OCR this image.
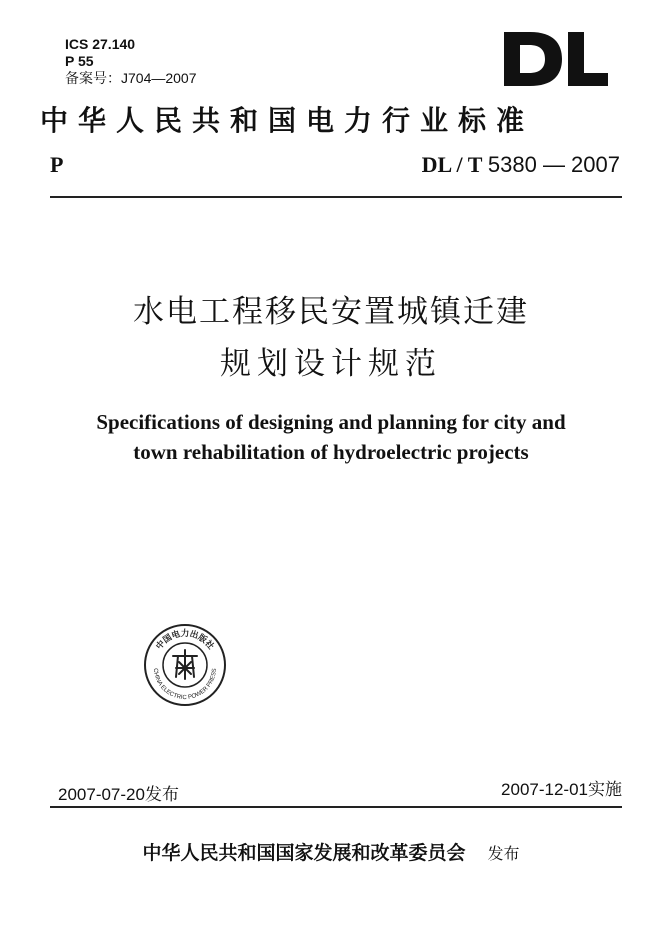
ICS 27.140
P 55
备案号：J704—2007
DL
中华人民共和国电力行业标准
P	DL / T 5380 — 2007
水电工程移民安置城镇迁建
规划设计规范
Specifications of designing and planning for city and
town rehabilitation of hydroelectric projects
中国电力出版社
CHINA ELECTRIC POWER PRESS
2007-07-20发布	2007-12-01实施
中华人民共和国国家发展和改革委员会 发布
